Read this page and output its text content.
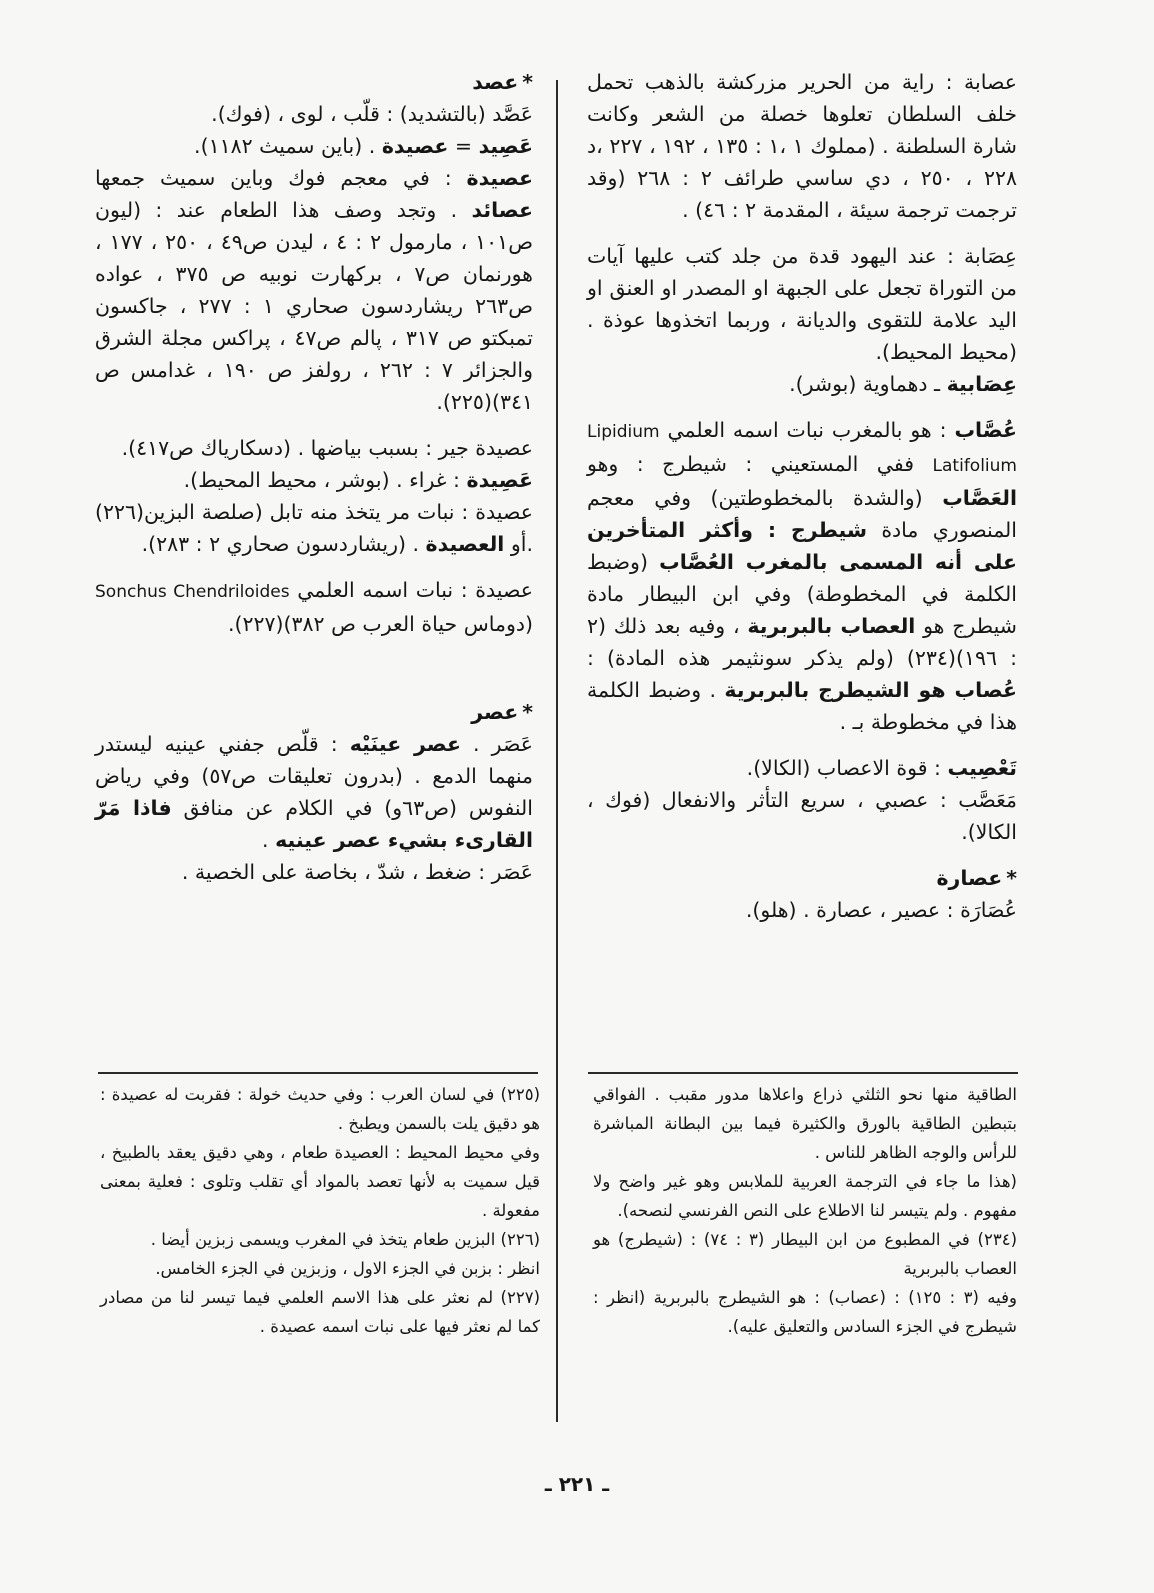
عصابة : راية من الحرير مزركشة بالذهب تحمل خلف السلطان تعلوها خصلة من الشعر وكانت شارة السلطنة . (مملوك ١ ،١ : ١٣٥ ، ١٩٢ ، ٢٢٧ ،د ٢٢٨ ، ٢٥٠ ، دي ساسي طرائف ٢ : ٢٦٨ (وقد ترجمت ترجمة سيئة ، المقدمة ٢ : ٤٦) .

عِصَابة : عند اليهود قدة من جلد كتب عليها آيات من التوراة تجعل على الجبهة او المصدر او العنق او اليد علامة للتقوى والديانة ، وربما اتخذوها عوذة . (محيط المحيط).

عِصَابية ـ دهماوية (بوشر).

عُصَّاب : هو بالمغرب نبات اسمه العلمي Lipidium Latifolium ففي المستعيني : شيطرج : وهو العَصَّاب (والشدة بالمخطوطتين) وفي معجم المنصوري مادة شيطرج : وأكثر المتأخرين على أنه المسمى بالمغرب العُصَّاب (وضبط الكلمة في المخطوطة) وفي ابن البيطار مادة شيطرج هو العصاب بالبربرية ، وفيه بعد ذلك (٢ : ١٩٦)(٢٣٤) (ولم يذكر سونثيمر هذه المادة) : عُصاب هو الشيطرج بالبربرية . وضبط الكلمة هذا في مخطوطة بـ .

تَعْصِيب : قوة الاعصاب (الكالا).

مَعَصَّب : عصبي ، سريع التأثر والانفعال (فوك ، الكالا).

*عصارة

عُصَارَة : عصير ، عصارة . (هلو).

*عصد

عَصَّد (بالتشديد) : قلّب ، لوى ، (فوك).

عَصِيد = عصيدة . (باين سميث ١١٨٢).

عصيدة : في معجم فوك وباين سميث جمعها عصائد . وتجد وصف هذا الطعام عند : (ليون ص١٠١ ، مارمول ٢ : ٤ ، ليدن ص٤٩ ، ٢٥٠ ، ١٧٧ ، هورنمان ص٧ ، بركهارت نوبيه ص ٣٧٥ ، عواده ص٢٦٣ ريشاردسون صحاري ١ : ٢٧٧ ، جاكسون تمبكتو ص ٣١٧ ، پالم ص٤٧ ، پراكس مجلة الشرق والجزائر ٧ : ٢٦٢ ، رولفز ص ١٩٠ ، غدامس ص ٣٤١)(٢٢٥).

عصيدة جير : بسبب بياضها . (دسكارياك ص٤١٧).

عَصِيدة : غراء . (بوشر ، محيط المحيط).

عصيدة : نبات مر يتخذ منه تابل (صلصة البزين(٢٢٦) .أو العصيدة . (ريشاردسون صحاري ٢ : ٢٨٣).

عصيدة : نبات اسمه العلمي Sonchus Chendriloides (دوماس حياة العرب ص ٣٨٢)(٢٢٧).

*عصر

عَصَر . عصر عينَيْه : قلّص جفني عينيه ليستدر منهما الدمع . (بدرون تعليقات ص٥٧) وفي رياض النفوس (ص٦٣و) في الكلام عن منافق فاذا مَرّ القارىء بشيء عصر عينيه .

عَصَر : ضغط ، شدّ ، بخاصة على الخصية .

الطاقية منها نحو الثلثي ذراع واعلاها مدور مقبب . الفواقي بتبطين الطاقية بالورق والكثيرة فيما بين البطانة المباشرة للرأس والوجه الظاهر للناس .

(هذا ما جاء في الترجمة العربية للملابس وهو غير واضح ولا مفهوم . ولم يتيسر لنا الاطلاع على النص الفرنسي لنصحه).

(٢٣٤) في المطبوع من ابن البيطار (٣ : ٧٤) : (شيطرج) هو العصاب بالبربرية

وفيه (٣ : ١٢٥) : (عصاب) : هو الشيطرج بالبربرية (انظر : شيطرج في الجزء السادس والتعليق عليه).

(٢٢٥) في لسان العرب : وفي حديث خولة : فقربت له عصيدة : هو دقيق يلت بالسمن ويطبخ .

وفي محيط المحيط : العصيدة طعام ، وهي دقيق يعقد بالطبيخ ، قيل سميت به لأنها تعصد بالمواد أي تقلب وتلوى : فعلية بمعنى مفعولة .

(٢٢٦) البزين طعام يتخذ في المغرب ويسمى زبزين أيضا .

انظر : بزبن في الجزء الاول ، وزبزين في الجزء الخامس.

(٢٢٧) لم نعثر على هذا الاسم العلمي فيما تيسر لنا من مصادر كما لم نعثر فيها على نبات اسمه عصيدة .

ـ ٢٢١ ـ
